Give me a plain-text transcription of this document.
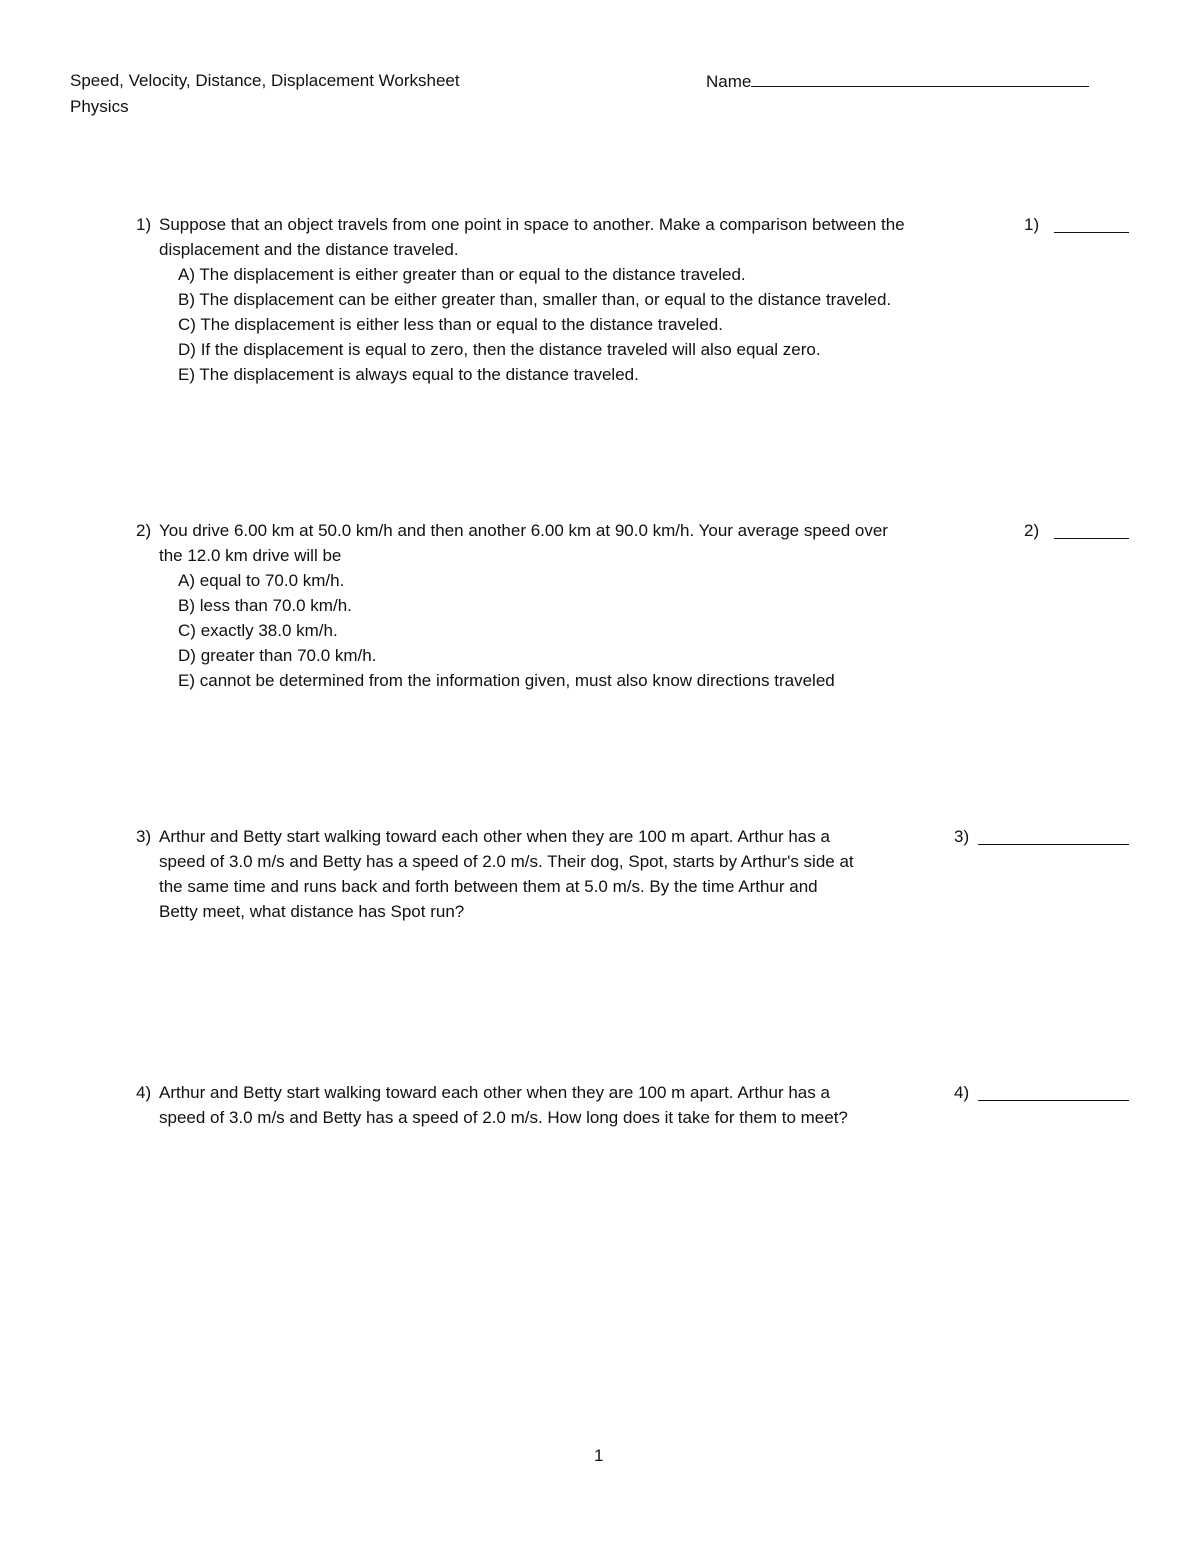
Speed, Velocity, Distance, Displacement Worksheet
Physics
Name
1) Suppose that an object travels from one point in space to another. Make a comparison between the
displacement and the distance traveled.
A) The displacement is either greater than or equal to the distance traveled.
B) The displacement can be either greater than, smaller than, or equal to the distance traveled.
C) The displacement is either less than or equal to the distance traveled.
D) If the displacement is equal to zero, then the distance traveled will also equal zero.
E) The displacement is always equal to the distance traveled.
1)
2) You drive 6.00 km at 50.0 km/h and then another 6.00 km at 90.0 km/h. Your average speed over
the 12.0 km drive will be
A) equal to 70.0 km/h.
B) less than 70.0 km/h.
C) exactly 38.0 km/h.
D) greater than 70.0 km/h.
E) cannot be determined from the information given, must also know directions traveled
2)
3) Arthur and Betty start walking toward each other when they are 100 m apart. Arthur has a
speed of 3.0 m/s and Betty has a speed of 2.0 m/s. Their dog, Spot, starts by Arthur's side at
the same time and runs back and forth between them at 5.0 m/s. By the time Arthur and
Betty meet, what distance has Spot run?
3)
4) Arthur and Betty start walking toward each other when they are 100 m apart. Arthur has a
speed of 3.0 m/s and Betty has a speed of 2.0 m/s. How long does it take for them to meet?
4)
1
